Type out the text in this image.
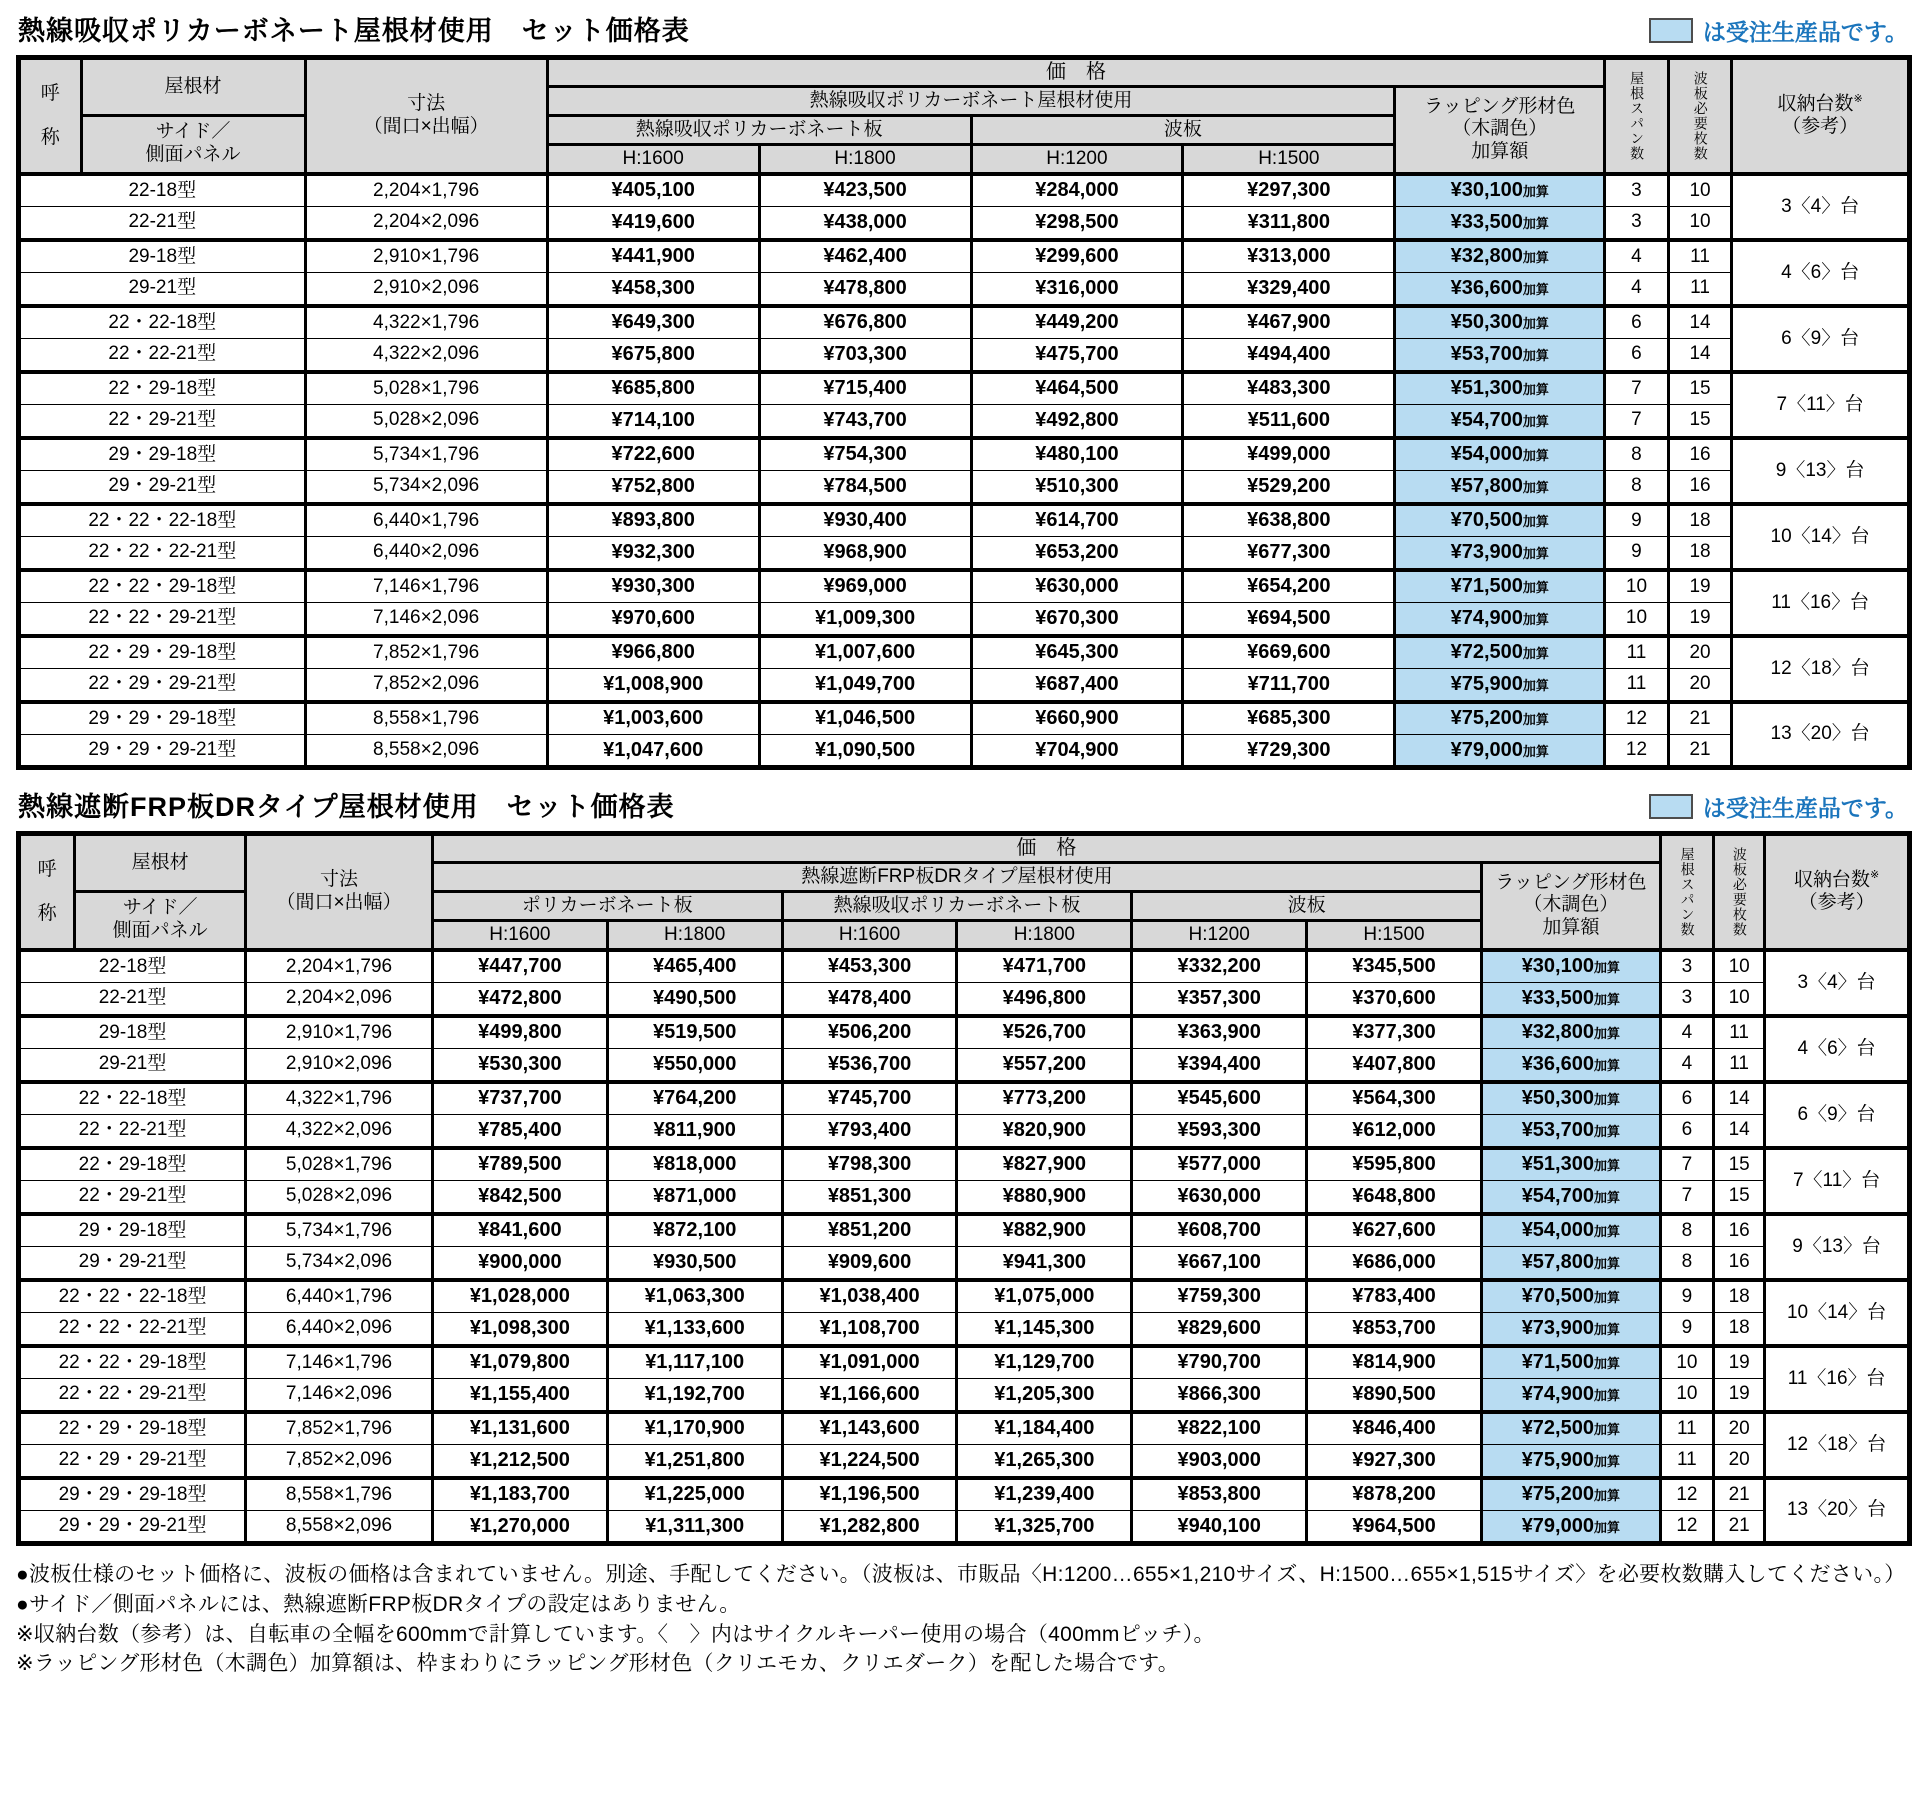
熱線吸収ポリカーボネート屋根材使用　セット価格表	は受注生産品です。
呼
称
	屋根材	
寸法
（間口×出幅）
	価　格	屋根スパン数	波板必要枚数	収納台数※
（参考）

			熱線吸収ポリカーボネート屋根材使用				ラッピング形材色
（木調色）
加算額			

	サイド／
側面パネル		熱線吸収ポリカーボネート板		波板					
			H:1600	H:1800	H:1200	H:1500				
22-18型		2,204×1,796	¥405,100	¥423,500	¥284,000	¥297,300	¥30,100加算	3	10	3〈4〉台
22-21型		2,204×2,096	¥419,600	¥438,000	¥298,500	¥311,800	¥33,500加算	3	10	
29-18型		2,910×1,796	¥441,900	¥462,400	¥299,600	¥313,000	¥32,800加算	4	11	4〈6〉台
29-21型		2,910×2,096	¥458,300	¥478,800	¥316,000	¥329,400	¥36,600加算	4	11	
22・22-18型		4,322×1,796	¥649,300	¥676,800	¥449,200	¥467,900	¥50,300加算	6	14	6〈9〉台
22・22-21型		4,322×2,096	¥675,800	¥703,300	¥475,700	¥494,400	¥53,700加算	6	14	
22・29-18型		5,028×1,796	¥685,800	¥715,400	¥464,500	¥483,300	¥51,300加算	7	15	7〈11〉台
22・29-21型		5,028×2,096	¥714,100	¥743,700	¥492,800	¥511,600	¥54,700加算	7	15	
29・29-18型		5,734×1,796	¥722,600	¥754,300	¥480,100	¥499,000	¥54,000加算	8	16	9〈13〉台
29・29-21型		5,734×2,096	¥752,800	¥784,500	¥510,300	¥529,200	¥57,800加算	8	16	
22・22・22-18型		6,440×1,796	¥893,800	¥930,400	¥614,700	¥638,800	¥70,500加算	9	18	10〈14〉台
22・22・22-21型		6,440×2,096	¥932,300	¥968,900	¥653,200	¥677,300	¥73,900加算	9	18	
22・22・29-18型		7,146×1,796	¥930,300	¥969,000	¥630,000	¥654,200	¥71,500加算	10	19	11〈16〉台
22・22・29-21型		7,146×2,096	¥970,600	¥1,009,300	¥670,300	¥694,500	¥74,900加算	10	19	
22・29・29-18型		7,852×1,796	¥966,800	¥1,007,600	¥645,300	¥669,600	¥72,500加算	11	20	12〈18〉台
22・29・29-21型		7,852×2,096	¥1,008,900	¥1,049,700	¥687,400	¥711,700	¥75,900加算	11	20	
29・29・29-18型		8,558×1,796	¥1,003,600	¥1,046,500	¥660,900	¥685,300	¥75,200加算	12	21	13〈20〉台
29・29・29-21型		8,558×2,096	¥1,047,600	¥1,090,500	¥704,900	¥729,300	¥79,000加算	12	21	
熱線遮断FRP板DRタイプ屋根材使用　セット価格表	は受注生産品です。
呼
称
	屋根材	
寸法
（間口×出幅）
	価　格	屋根スパン数	波板必要枚数	収納台数※
（参考）

			熱線遮断FRP板DRタイプ屋根材使用						ラッピング形材色
（木調色）
加算額			

	サイド／
側面パネル		ポリカーボネート板		熱線吸収ポリカーボネート板		波板					
			H:1600	H:1800	H:1600	H:1800	H:1200	H:1500				
22-18型		2,204×1,796	¥447,700	¥465,400	¥453,300	¥471,700	¥332,200	¥345,500	¥30,100加算	3	10	3〈4〉台
22-21型		2,204×2,096	¥472,800	¥490,500	¥478,400	¥496,800	¥357,300	¥370,600	¥33,500加算	3	10	
29-18型		2,910×1,796	¥499,800	¥519,500	¥506,200	¥526,700	¥363,900	¥377,300	¥32,800加算	4	11	4〈6〉台
29-21型		2,910×2,096	¥530,300	¥550,000	¥536,700	¥557,200	¥394,400	¥407,800	¥36,600加算	4	11	
22・22-18型		4,322×1,796	¥737,700	¥764,200	¥745,700	¥773,200	¥545,600	¥564,300	¥50,300加算	6	14	6〈9〉台
22・22-21型		4,322×2,096	¥785,400	¥811,900	¥793,400	¥820,900	¥593,300	¥612,000	¥53,700加算	6	14	
22・29-18型		5,028×1,796	¥789,500	¥818,000	¥798,300	¥827,900	¥577,000	¥595,800	¥51,300加算	7	15	7〈11〉台
22・29-21型		5,028×2,096	¥842,500	¥871,000	¥851,300	¥880,900	¥630,000	¥648,800	¥54,700加算	7	15	
29・29-18型		5,734×1,796	¥841,600	¥872,100	¥851,200	¥882,900	¥608,700	¥627,600	¥54,000加算	8	16	9〈13〉台
29・29-21型		5,734×2,096	¥900,000	¥930,500	¥909,600	¥941,300	¥667,100	¥686,000	¥57,800加算	8	16	
22・22・22-18型		6,440×1,796	¥1,028,000	¥1,063,300	¥1,038,400	¥1,075,000	¥759,300	¥783,400	¥70,500加算	9	18	10〈14〉台
22・22・22-21型		6,440×2,096	¥1,098,300	¥1,133,600	¥1,108,700	¥1,145,300	¥829,600	¥853,700	¥73,900加算	9	18	
22・22・29-18型		7,146×1,796	¥1,079,800	¥1,117,100	¥1,091,000	¥1,129,700	¥790,700	¥814,900	¥71,500加算	10	19	11〈16〉台
22・22・29-21型		7,146×2,096	¥1,155,400	¥1,192,700	¥1,166,600	¥1,205,300	¥866,300	¥890,500	¥74,900加算	10	19	
22・29・29-18型		7,852×1,796	¥1,131,600	¥1,170,900	¥1,143,600	¥1,184,400	¥822,100	¥846,400	¥72,500加算	11	20	12〈18〉台
22・29・29-21型		7,852×2,096	¥1,212,500	¥1,251,800	¥1,224,500	¥1,265,300	¥903,000	¥927,300	¥75,900加算	11	20	
29・29・29-18型		8,558×1,796	¥1,183,700	¥1,225,000	¥1,196,500	¥1,239,400	¥853,800	¥878,200	¥75,200加算	12	21	13〈20〉台
29・29・29-21型		8,558×2,096	¥1,270,000	¥1,311,300	¥1,282,800	¥1,325,700	¥940,100	¥964,500	¥79,000加算	12	21	
●波板仕様のセット価格に、波板の価格は含まれていません。別途、手配してください。（波板は、市販品〈H:1200…655×1,210サイズ、H:1500…655×1,515サイズ〉を必要枚数購入してください。）
●サイド／側面パネルには、熱線遮断FRP板DRタイプの設定はありません。
※収納台数（参考）は、自転車の全幅を600mmで計算しています。〈　〉内はサイクルキーパー使用の場合（400mmピッチ）。
※ラッピング形材色（木調色）加算額は、枠まわりにラッピング形材色（クリエモカ、クリエダーク）を配した場合です。
